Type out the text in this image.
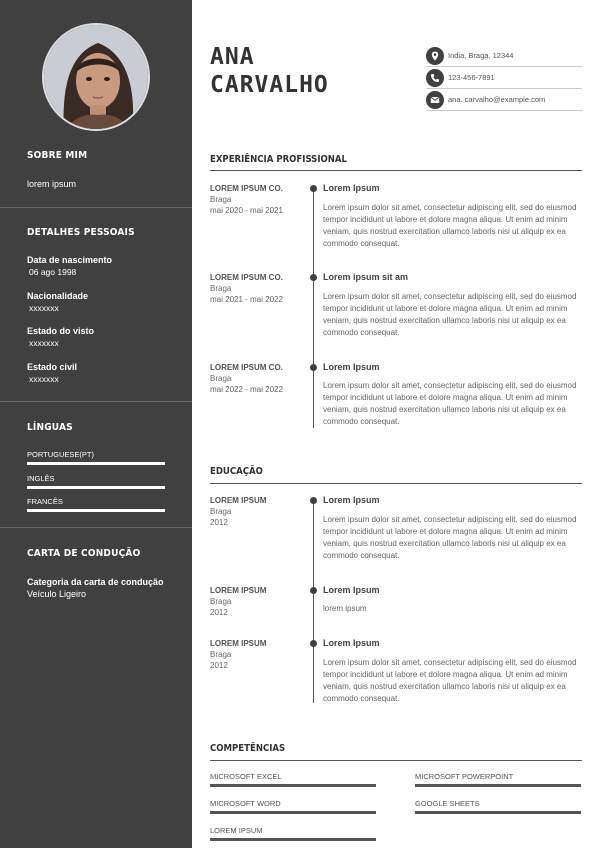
SOBRE MIM
lorem ipsum
DETALHES PESSOAIS
Data de nascimento
06 ago 1998
Nacionalidade
xxxxxxx
Estado do visto
xxxxxxx
Estado civil
xxxxxxx
LÍNGUAS
PORTUGUESE(PT)
INGLÊS
FRANCÊS
CARTA DE CONDUÇÃO
Categoria da carta de condução
Veículo Ligeiro
ANA
CARVALHO
India, Braga, 12344
123-456-7891
ana. carvalho@example.com
EXPERIÊNCIA PROFISSIONAL
LOREM IPSUM CO.
Braga
mai 2020 - mai 2021
Lorem Ipsum
Lorem ipsum dolor sit amet, consectetur adipiscing elit, sed do eiusmod tempor incididunt ut labore et dolore magna aliqua. Ut enim ad minim veniam, quis nostrud exercitation ullamco laboris nisi ut aliquip ex ea commodo consequat.
LOREM IPSUM CO.
Braga
mai 2021 - mai 2022
Lorem ipsum sit am
Lorem ipsum dolor sit amet, consectetur adipiscing elit, sed do eiusmod tempor incididunt ut labore et dolore magna aliqua. Ut enim ad minim veniam, quis nostrud exercitation ullamco laboris nisi ut aliquip ex ea commodo consequat.
LOREM IPSUM CO.
Braga
mai 2022 - mai 2022
Lorem Ipsum
Lorem ipsum dolor sit amet, consectetur adipiscing elit, sed do eiusmod tempor incididunt ut labore et dolore magna aliqua. Ut enim ad minim veniam, quis nostrud exercitation ullamco laboris nisi ut aliquip ex ea commodo consequat.
EDUCAÇÃO
LOREM IPSUM
Braga
2012
Lorem Ipsum
Lorem ipsum dolor sit amet, consectetur adipiscing elit, sed do eiusmod tempor incididunt ut labore et dolore magna aliqua. Ut enim ad minim veniam, quis nostrud exercitation ullamco laboris nisi ut aliquip ex ea commodo consequat.
LOREM IPSUM
Braga
2012
Lorem Ipsum
lorem ipsum
LOREM IPSUM
Braga
2012
Lorem Ipsum
Lorem ipsum dolor sit amet, consectetur adipiscing elit, sed do eiusmod tempor incididunt ut labore et dolore magna aliqua. Ut enim ad minim veniam, quis nostrud exercitation ullamco laboris nisi ut aliquip ex ea commodo consequat.
COMPETÊNCIAS
MICROSOFT EXCEL	MICROSOFT POWERPOINT
MICROSOFT WORD	GOOGLE SHEETS
LOREM IPSUM
